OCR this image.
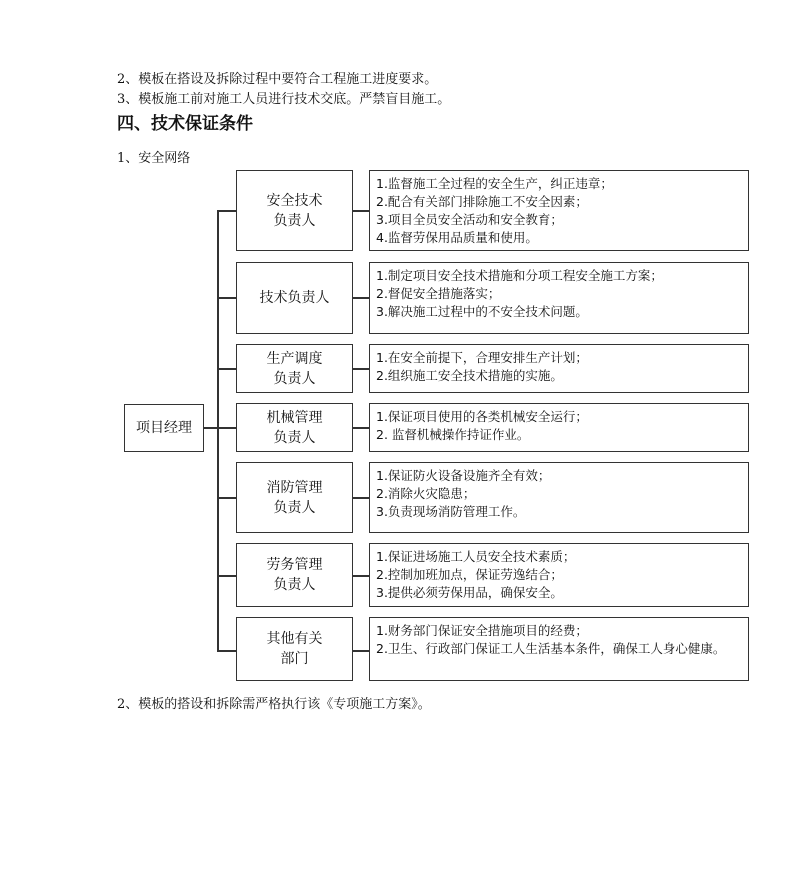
2、模板在搭设及拆除过程中要符合工程施工进度要求。
3、模板施工前对施工人员进行技术交底。严禁盲目施工。
四、技术保证条件
1、安全网络
项目经理
安全技术
负责人
1.监督施工全过程的安全生产，纠正违章；
2.配合有关部门排除施工不安全因素；
3.项目全员安全活动和安全教育；
4.监督劳保用品质量和使用。
技术负责人
1.制定项目安全技术措施和分项工程安全施工方案；
2.督促安全措施落实；
3.解决施工过程中的不安全技术问题。
生产调度
负责人
1.在安全前提下，合理安排生产计划；
2.组织施工安全技术措施的实施。
机械管理
负责人
1.保证项目使用的各类机械安全运行；
2. 监督机械操作持证作业。
消防管理
负责人
1.保证防火设备设施齐全有效；
2.消除火灾隐患；
3.负责现场消防管理工作。
劳务管理
负责人
1.保证进场施工人员安全技术素质；
2.控制加班加点，保证劳逸结合；
3.提供必须劳保用品，确保安全。
其他有关
部门
1.财务部门保证安全措施项目的经费；
2.卫生、行政部门保证工人生活基本条件，确保工人身心健康。
2、模板的搭设和拆除需严格执行该《专项施工方案》。
